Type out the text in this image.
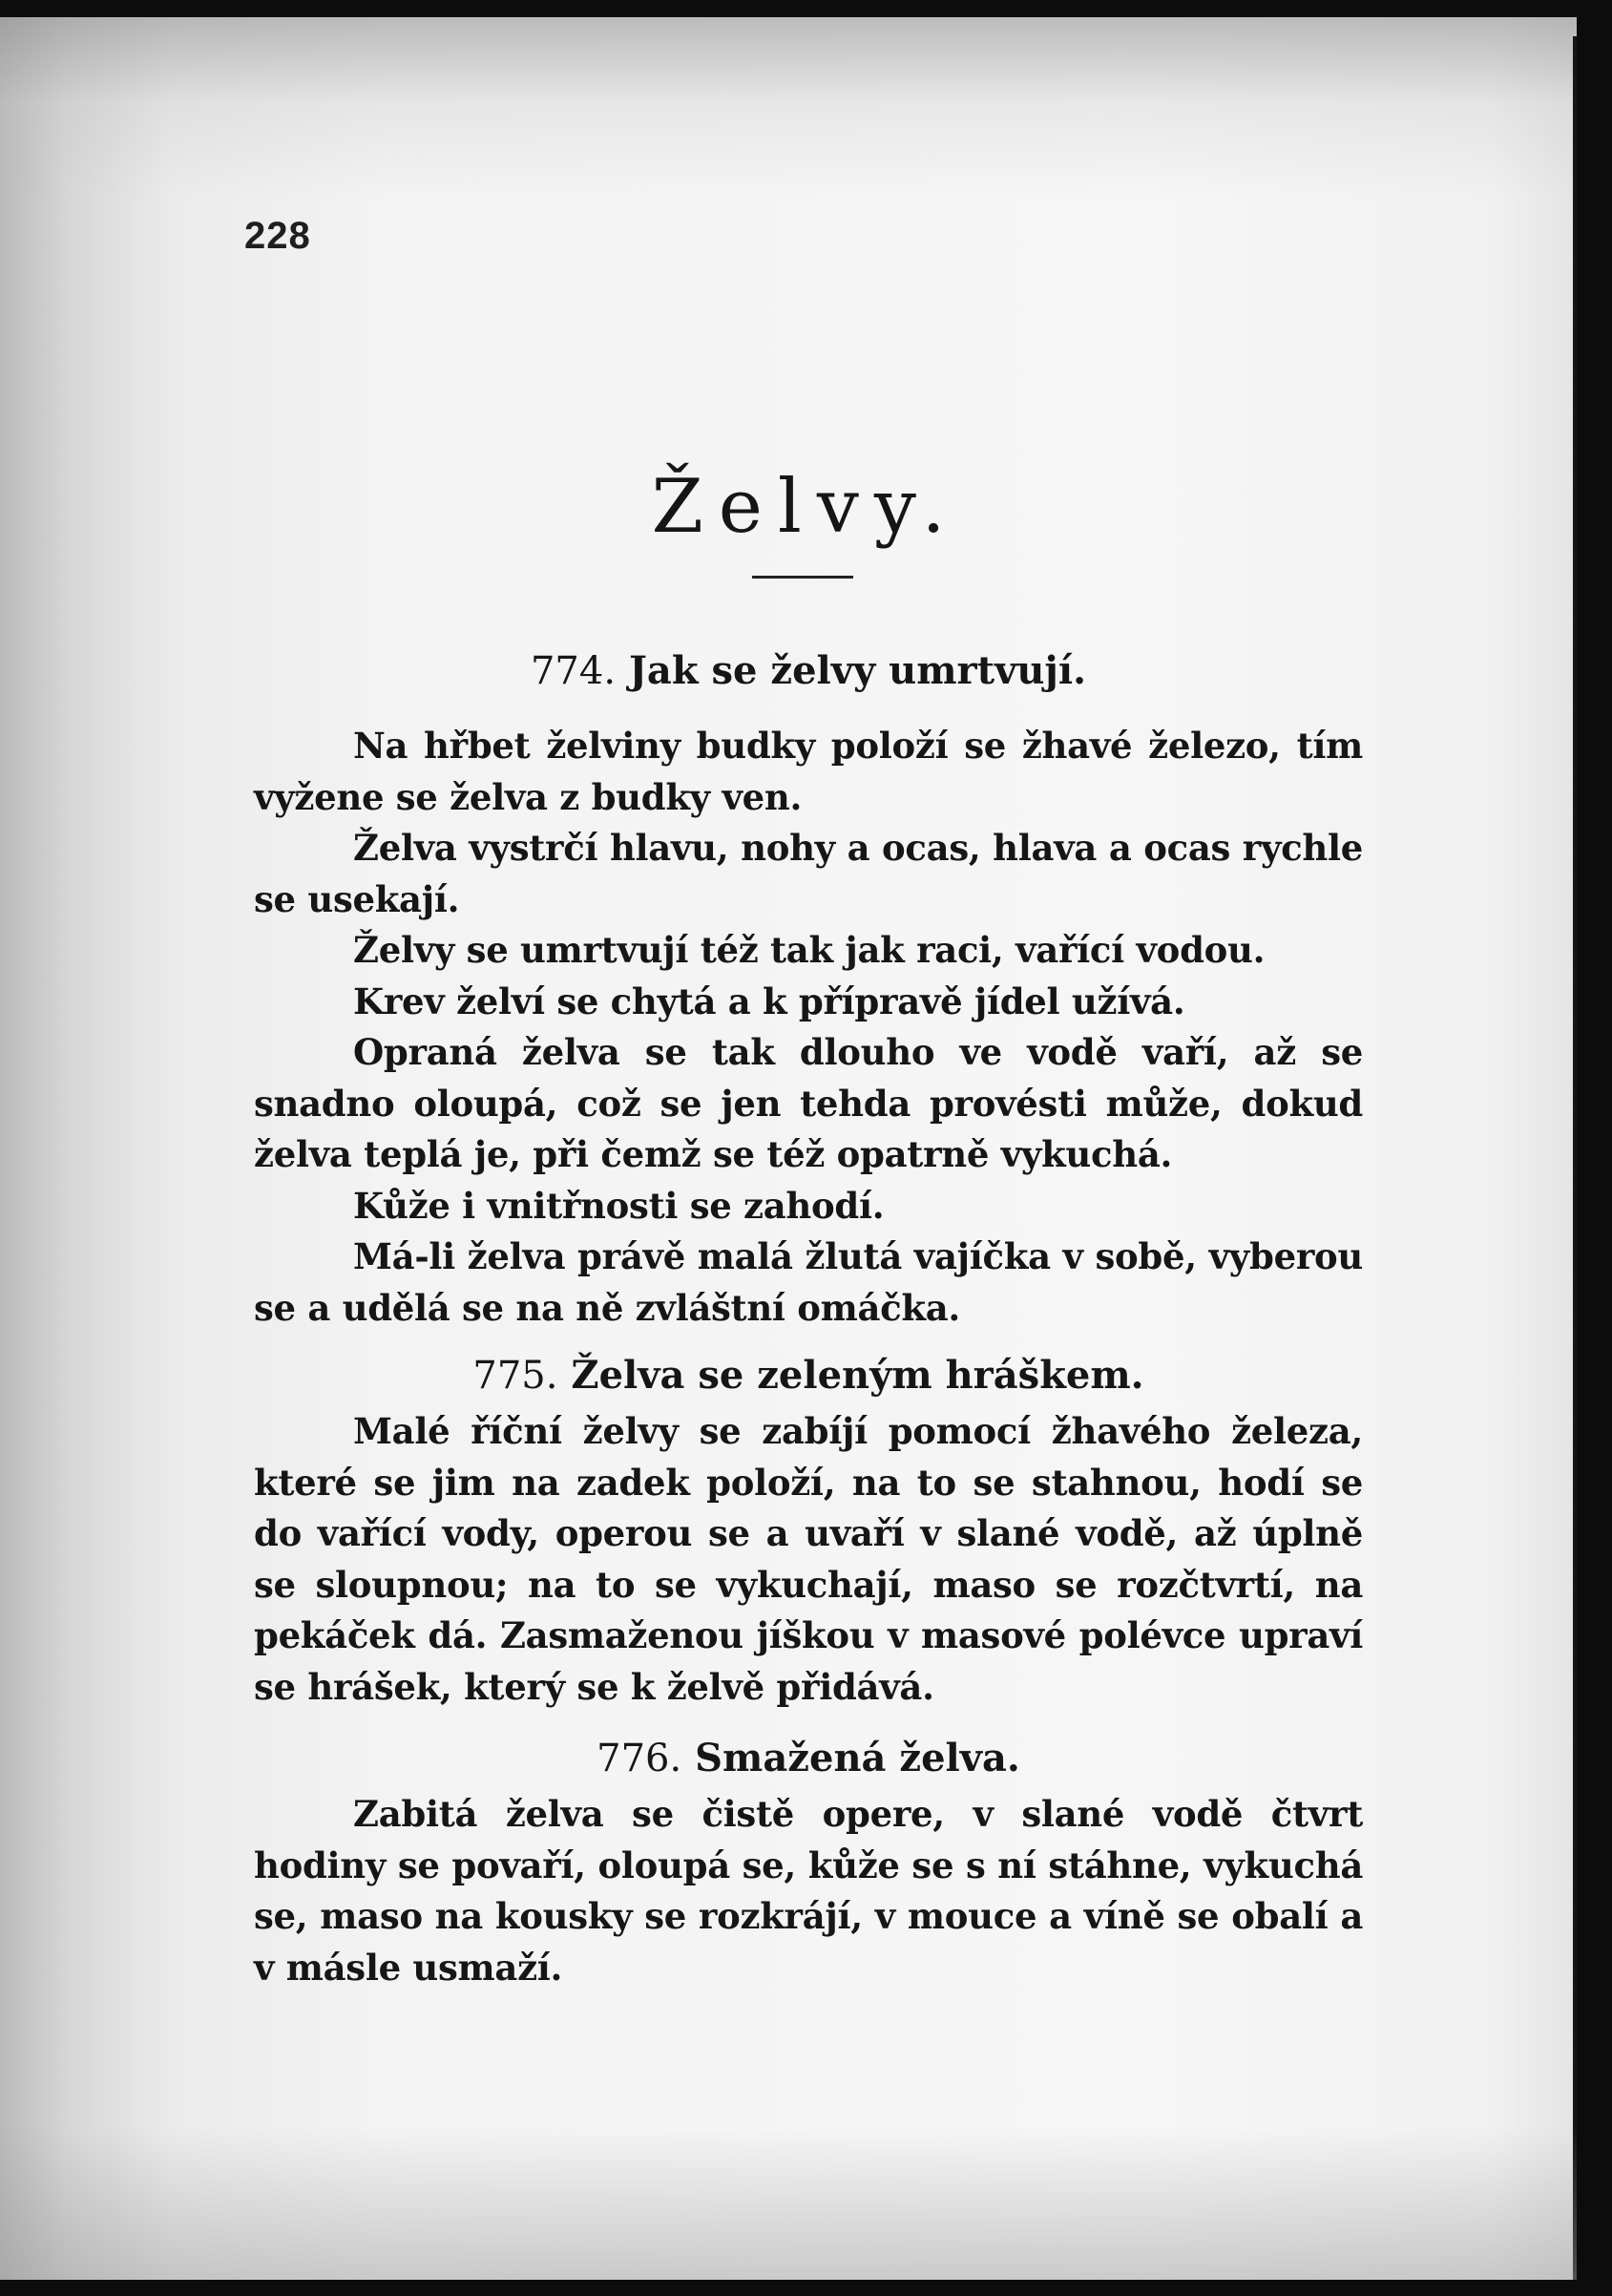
228
Želvy.
774. Jak se želvy umrtvují.

Na hřbet želviny budky položí se žhavé železo, tím vyžene se želva z budky ven.

Želva vystrčí hlavu, nohy a ocas, hlava a ocas rychle se usekají.

Želvy se umrtvují též tak jak raci, vařící vodou.

Krev želví se chytá a k přípravě jídel užívá.

Opraná želva se tak dlouho ve vodě vaří, až se snadno oloupá, což se jen tehda provésti může, dokud želva teplá je, při čemž se též opatrně vykuchá.

Kůže i vnitřnosti se zahodí.

Má-li želva právě malá žlutá vajíčka v sobě, vyberou se a udělá se na ně zvláštní omáčka.

775. Želva se zeleným hráškem.

Malé říční želvy se zabíjí pomocí žhavého železa, které se jim na zadek položí, na to se stahnou, hodí se do vařící vody, operou se a uvaří v slané vodě, až úplně se sloupnou; na to se vykuchají, maso se rozčtvrtí, na pekáček dá. Zasmaženou jíškou v masové polévce upraví se hrášek, který se k želvě přidává.

776. Smažená želva.

Zabitá želva se čistě opere, v slané vodě čtvrt hodiny se povaří, oloupá se, kůže se s ní stáhne, vykuchá se, maso na kousky se rozkrájí, v mouce a víně se obalí a v másle usmaží.
